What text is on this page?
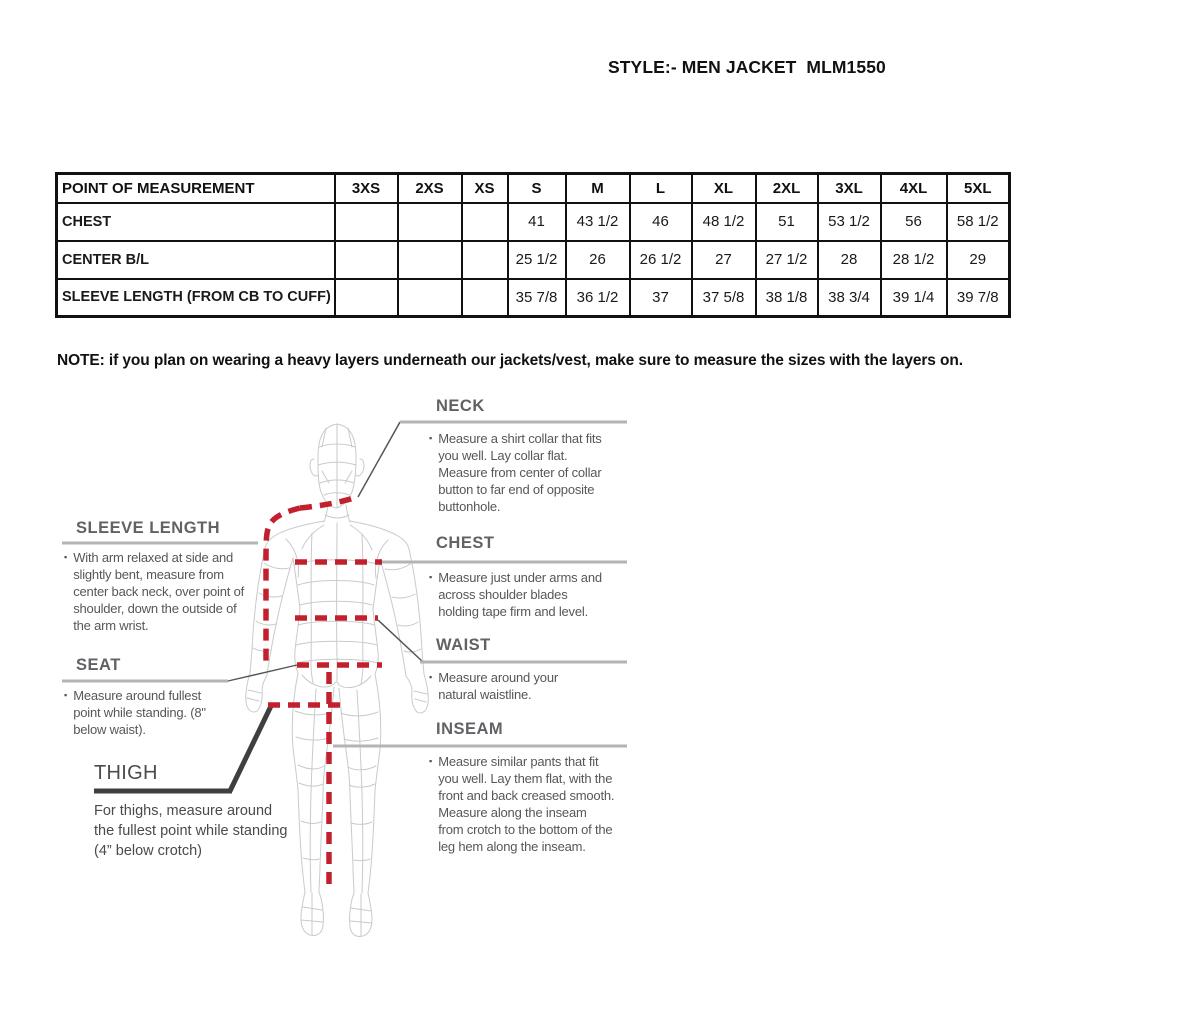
STYLE:- MEN JACKET  MLM1550
POINT OF MEASUREMENT	3XS	2XS	XS	S	M	L	XL	2XL	3XL	4XL	5XL
CHEST				41	43 1/2	46	48 1/2	51	53 1/2	56	58 1/2
CENTER B/L				25 1/2	26	26 1/2	27	27 1/2	28	28 1/2	29
SLEEVE LENGTH (FROM CB TO CUFF)				35 7/8	36 1/2	37	37 5/8	38 1/8	38 3/4	39 1/4	39 7/8
NOTE: if you plan on wearing a heavy layers underneath our jackets/vest, make sure to measure the sizes with the layers on.
NECK
▪ Measure a shirt collar that fits you well. Lay collar flat. Measure from center of collar button to far end of opposite buttonhole.
CHEST
▪ Measure just under arms and across shoulder blades holding tape firm and level.
WAIST
▪ Measure around your natural waistline.
INSEAM
▪ Measure similar pants that fit you well. Lay them flat, with the front and back creased smooth. Measure along the inseam from crotch to the bottom of the leg hem along the inseam.
SLEEVE LENGTH
▪ With arm relaxed at side and slightly bent, measure from center back neck, over point of shoulder, down the outside of the arm wrist.
SEAT
▪ Measure around fullest point while standing. (8" below waist).
THIGH
For thighs, measure around the fullest point while standing (4” below crotch)
